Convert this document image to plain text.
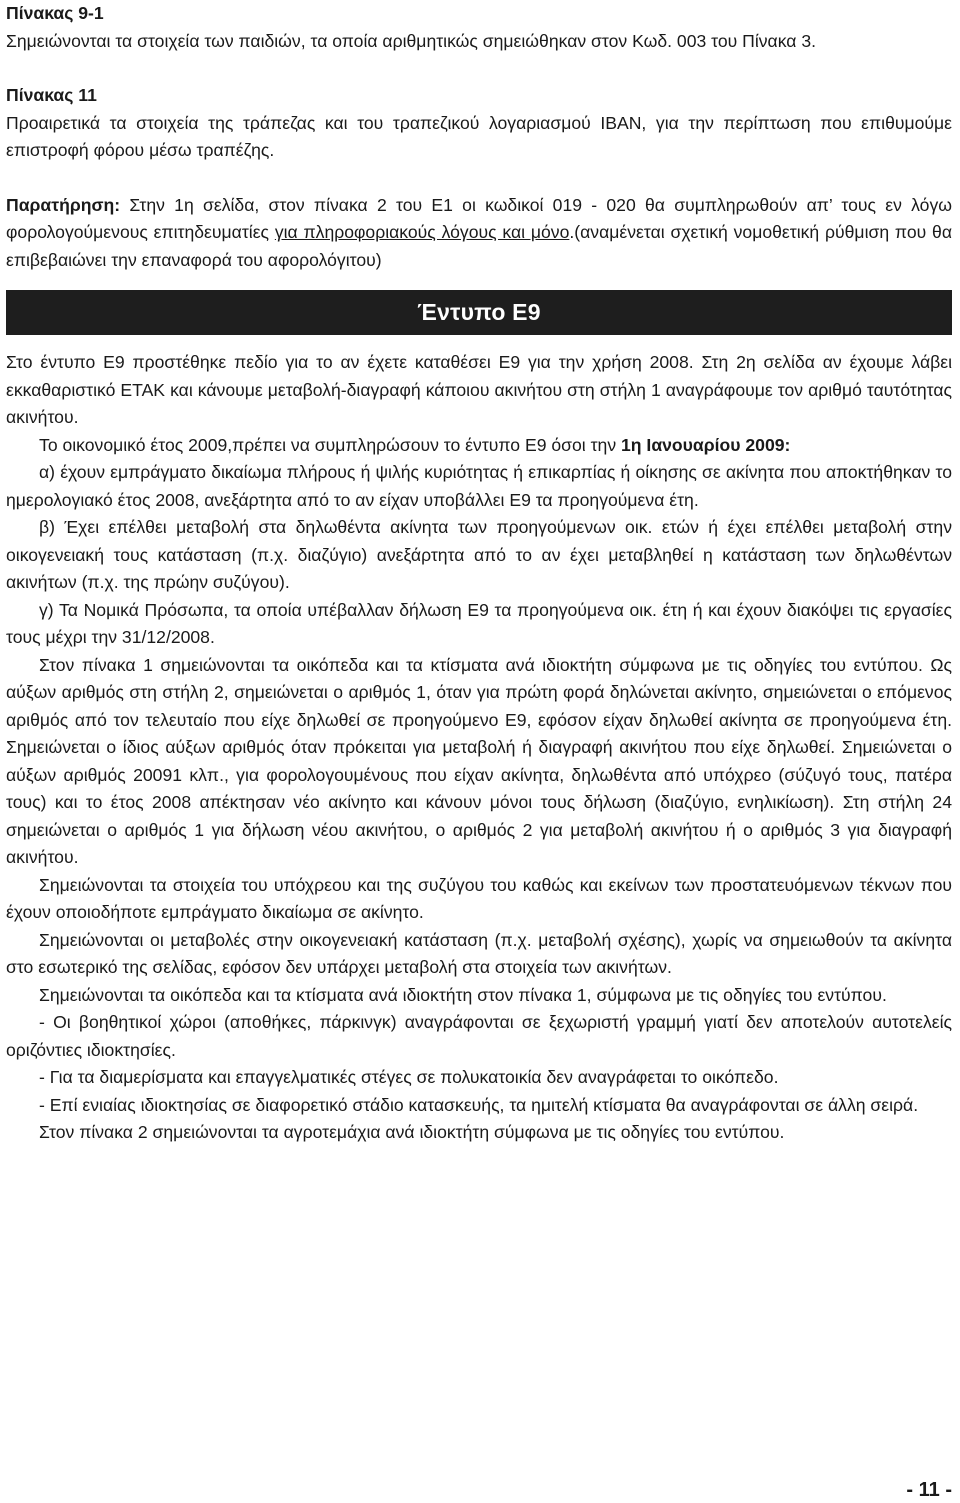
Πίνακας 9-1

Σημειώνονται τα στοιχεία των παιδιών, τα οποία αριθμητικώς σημειώθηκαν στον Κωδ. 003 του Πίνακα 3.

Πίνακας 11

Προαιρετικά τα στοιχεία της τράπεζας και του τραπεζικού λογαριασμού ΙΒΑΝ, για την περίπτωση που επιθυμούμε επιστροφή φόρου μέσω τραπέζης.

Παρατήρηση: Στην 1η σελίδα, στον πίνακα 2 του Ε1 οι κωδικοί 019 - 020 θα συμπληρωθούν απ’ τους εν λόγω φορολογούμενους επιτηδευματίες για πληροφοριακούς λόγους και μόνο.(αναμένεται σχετική νομοθετική ρύθμιση που θα επιβεβαιώνει την επαναφορά του αφορολόγιτου)

Έντυπο Ε9

Στο έντυπο Ε9 προστέθηκε πεδίο για το αν έχετε καταθέσει Ε9 για την χρήση 2008. Στη 2η σελίδα αν έχουμε λάβει εκκαθαριστικό ΕΤΑΚ και κάνουμε μεταβολή-διαγραφή κάποιου ακινήτου στη στήλη 1 αναγράφουμε τον αριθμό ταυτότητας ακινήτου.

Το οικονομικό έτος 2009,πρέπει να συμπληρώσουν το έντυπο Ε9 όσοι την 1η Ιανουαρίου 2009:

α) έχουν εμπράγματο δικαίωμα πλήρους ή ψιλής κυριότητας ή επικαρπίας ή οίκησης σε ακίνητα που αποκτήθηκαν το ημερολογιακό έτος 2008, ανεξάρτητα από το αν είχαν υποβάλλει Ε9 τα προηγούμενα έτη.

β) Έχει επέλθει μεταβολή στα δηλωθέντα ακίνητα των προηγούμενων οικ. ετών ή έχει επέλθει μεταβολή στην οικογενειακή τους κατάσταση (π.χ. διαζύγιο) ανεξάρτητα από το αν έχει μεταβληθεί η κατάσταση των δηλωθέντων ακινήτων (π.χ. της πρώην συζύγου).

γ) Τα Νομικά Πρόσωπα, τα οποία υπέβαλλαν δήλωση Ε9 τα προηγούμενα οικ. έτη ή και έχουν διακόψει τις εργασίες τους μέχρι την 31/12/2008.

Στον πίνακα 1 σημειώνονται τα οικόπεδα και τα κτίσματα ανά ιδιοκτήτη σύμφωνα με τις οδηγίες του εντύπου. Ως αύξων αριθμός στη στήλη 2, σημειώνεται ο αριθμός 1, όταν για πρώτη φορά δηλώνεται ακίνητο, σημειώνεται ο επόμενος αριθμός από τον τελευταίο που είχε δηλωθεί σε προηγούμενο Ε9, εφόσον είχαν δηλωθεί ακίνητα σε προηγούμενα έτη. Σημειώνεται ο ίδιος αύξων αριθμός όταν πρόκειται για μεταβολή ή διαγραφή ακινήτου που είχε δηλωθεί. Σημειώνεται ο αύξων αριθμός 20091 κλπ., για φορολογουμένους που είχαν ακίνητα, δηλωθέντα από υπόχρεο (σύζυγό τους, πατέρα τους) και το έτος 2008 απέκτησαν νέο ακίνητο και κάνουν μόνοι τους δήλωση (διαζύγιο, ενηλικίωση). Στη στήλη 24 σημειώνεται ο αριθμός 1 για δήλωση νέου ακινήτου, ο αριθμός 2 για μεταβολή ακινήτου ή ο αριθμός 3 για διαγραφή ακινήτου.

Σημειώνονται τα στοιχεία του υπόχρεου και της συζύγου του καθώς και εκείνων των προστατευόμενων τέκνων που έχουν οποιοδήποτε εμπράγματο δικαίωμα σε ακίνητο.

Σημειώνονται οι μεταβολές στην οικογενειακή κατάσταση (π.χ. μεταβολή σχέσης), χωρίς να σημειωθούν τα ακίνητα στο εσωτερικό της σελίδας, εφόσον δεν υπάρχει μεταβολή στα στοιχεία των ακινήτων.

Σημειώνονται τα οικόπεδα και τα κτίσματα ανά ιδιοκτήτη στον πίνακα 1, σύμφωνα με τις οδηγίες του εντύπου.

- Οι βοηθητικοί χώροι (αποθήκες, πάρκινγκ) αναγράφονται σε ξεχωριστή γραμμή γιατί δεν αποτελούν αυτοτελείς οριζόντιες ιδιοκτησίες.

- Για τα διαμερίσματα και επαγγελματικές στέγες σε πολυκατοικία δεν αναγράφεται το οικόπεδο.

- Επί ενιαίας ιδιοκτησίας σε διαφορετικό στάδιο κατασκευής, τα ημιτελή κτίσματα θα αναγράφονται σε άλλη σειρά.

Στον πίνακα 2 σημειώνονται τα αγροτεμάχια ανά ιδιοκτήτη σύμφωνα με τις οδηγίες του εντύπου.

- 11 -
